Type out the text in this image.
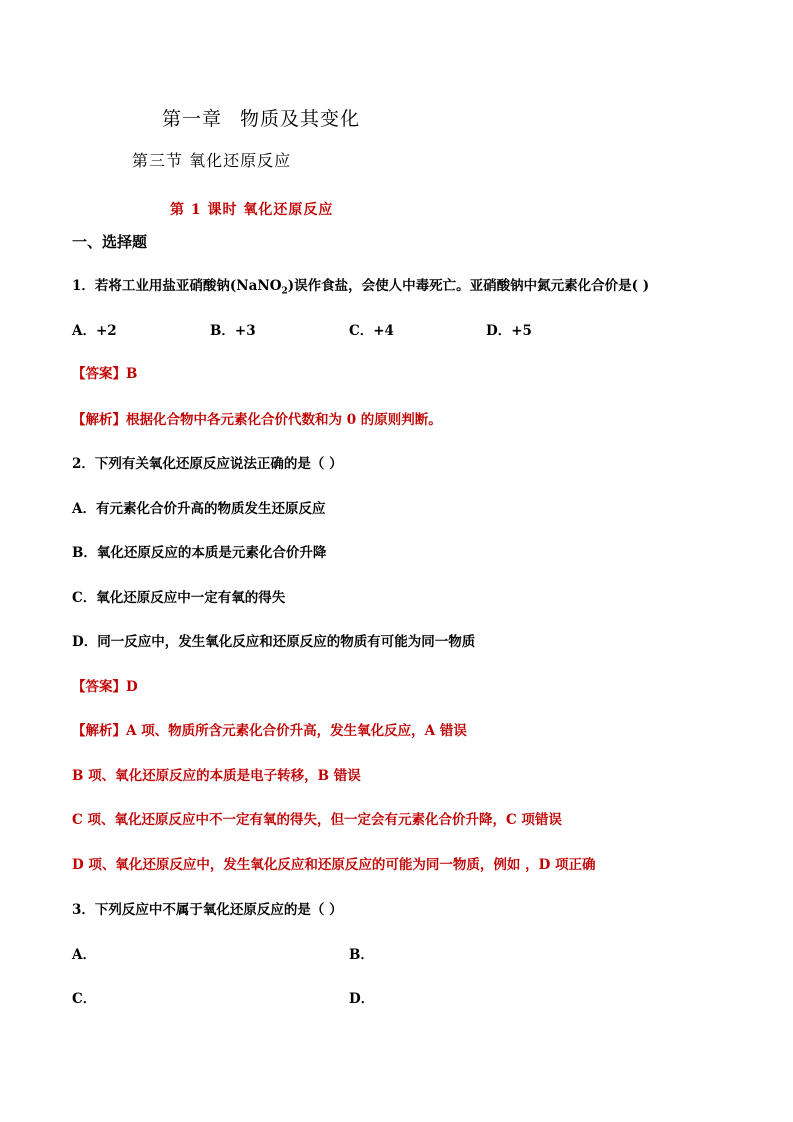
第一章 物质及其变化
第三节 氧化还原反应
第 1 课时 氧化还原反应
一、选择题
1．若将工业用盐亚硝酸钠(NaNO$_2$)误作食盐，会使人中毒死亡。亚硝酸钠中氮元素化合价是( )
A．+2	B．+3	C．+4	D．+5
【答案】B
【解析】根据化合物中各元素化合价代数和为 0 的原则判断。
2．下列有关氧化还原反应说法正确的是（ ）
A．有元素化合价升高的物质发生还原反应
B．氧化还原反应的本质是元素化合价升降
C．氧化还原反应中一定有氧的得失
D．同一反应中，发生氧化反应和还原反应的物质有可能为同一物质
【答案】D
【解析】A 项、物质所含元素化合价升高，发生氧化反应，A 错误
B 项、氧化还原反应的本质是电子转移，B 错误
C 项、氧化还原反应中不一定有氧的得失，但一定会有元素化合价升降，C 项错误
D 项、氧化还原反应中，发生氧化反应和还原反应的可能为同一物质，例如 ，D 项正确
3．下列反应中不属于氧化还原反应的是（ ）
A．	B．
C．	D．
